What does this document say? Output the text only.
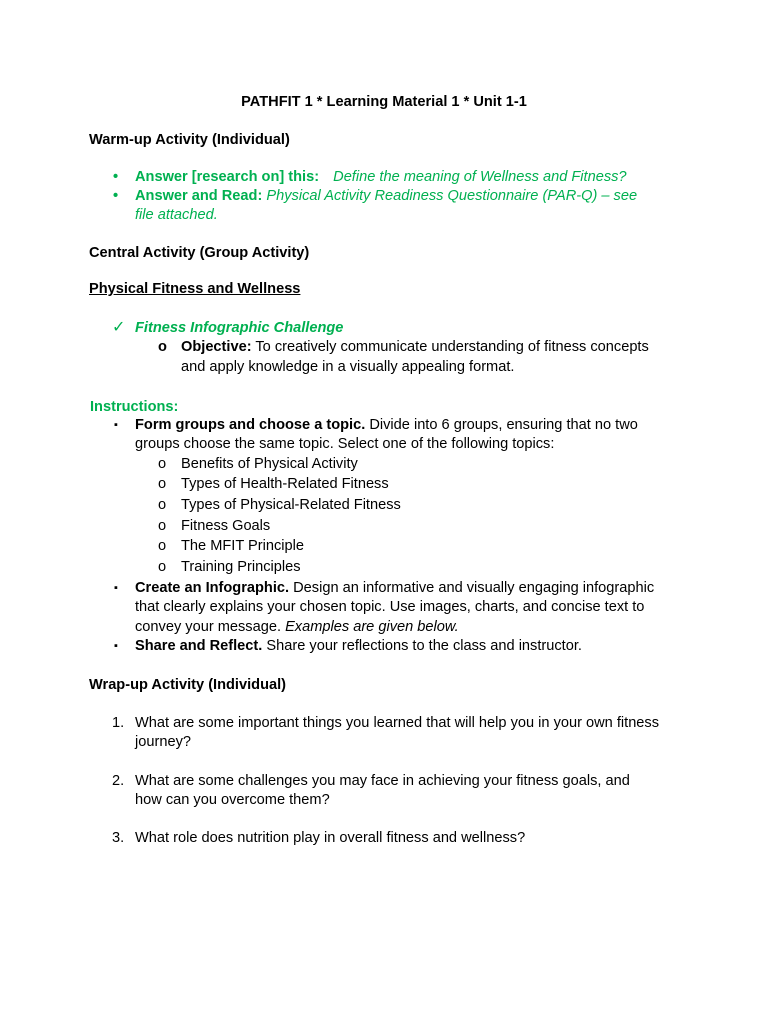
PATHFIT 1 * Learning Material 1 * Unit 1-1
Warm-up Activity (Individual)
• Answer [research on] this: Define the meaning of Wellness and Fitness?
• Answer and Read: Physical Activity Readiness Questionnaire (PAR-Q) – see
file attached.
Central Activity (Group Activity)
Physical Fitness and Wellness
✓ Fitness Infographic Challenge
o Objective: To creatively communicate understanding of fitness concepts
and apply knowledge in a visually appealing format.
Instructions:
▪ Form groups and choose a topic. Divide into 6 groups, ensuring that no two
groups choose the same topic. Select one of the following topics:
o Benefits of Physical Activity
o Types of Health-Related Fitness
o Types of Physical-Related Fitness
o Fitness Goals
o The MFIT Principle
o Training Principles
▪ Create an Infographic. Design an informative and visually engaging infographic
that clearly explains your chosen topic. Use images, charts, and concise text to
convey your message. Examples are given below.
▪ Share and Reflect. Share your reflections to the class and instructor.
Wrap-up Activity (Individual)
1. What are some important things you learned that will help you in your own fitness
journey?
2. What are some challenges you may face in achieving your fitness goals, and
how can you overcome them?
3. What role does nutrition play in overall fitness and wellness?
